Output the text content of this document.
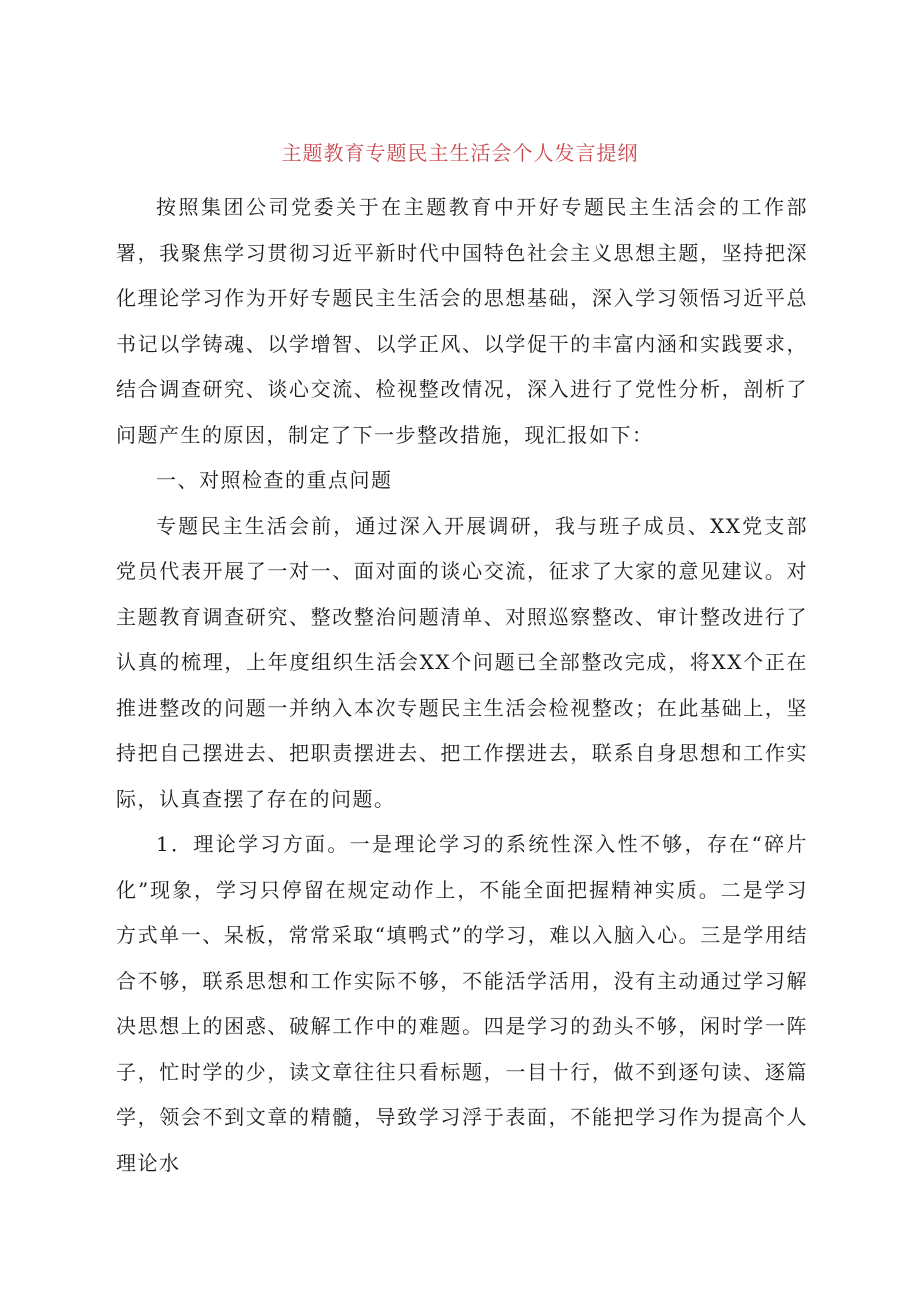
主题教育专题民主生活会个人发言提纲

按照集团公司党委关于在主题教育中开好专题民主生活会的工作部署，我聚焦学习贯彻习近平新时代中国特色社会主义思想主题，坚持把深化理论学习作为开好专题民主生活会的思想基础，深入学习领悟习近平总书记以学铸魂、以学增智、以学正风、以学促干的丰富内涵和实践要求，结合调查研究、谈心交流、检视整改情况，深入进行了党性分析，剖析了问题产生的原因，制定了下一步整改措施，现汇报如下：

一、对照检查的重点问题

专题民主生活会前，通过深入开展调研，我与班子成员、XX党支部党员代表开展了一对一、面对面的谈心交流，征求了大家的意见建议。对主题教育调查研究、整改整治问题清单、对照巡察整改、审计整改进行了认真的梳理，上年度组织生活会XX个问题已全部整改完成，将XX个正在推进整改的问题一并纳入本次专题民主生活会检视整改；在此基础上，坚持把自己摆进去、把职责摆进去、把工作摆进去，联系自身思想和工作实际，认真查摆了存在的问题。

1．理论学习方面。一是理论学习的系统性深入性不够，存在“碎片化”现象，学习只停留在规定动作上，不能全面把握精神实质。二是学习方式单一、呆板，常常采取“填鸭式”的学习，难以入脑入心。三是学用结合不够，联系思想和工作实际不够，不能活学活用，没有主动通过学习解决思想上的困惑、破解工作中的难题。四是学习的劲头不够，闲时学一阵子，忙时学的少，读文章往往只看标题，一目十行，做不到逐句读、逐篇学，领会不到文章的精髓，导致学习浮于表面，不能把学习作为提高个人理论水
